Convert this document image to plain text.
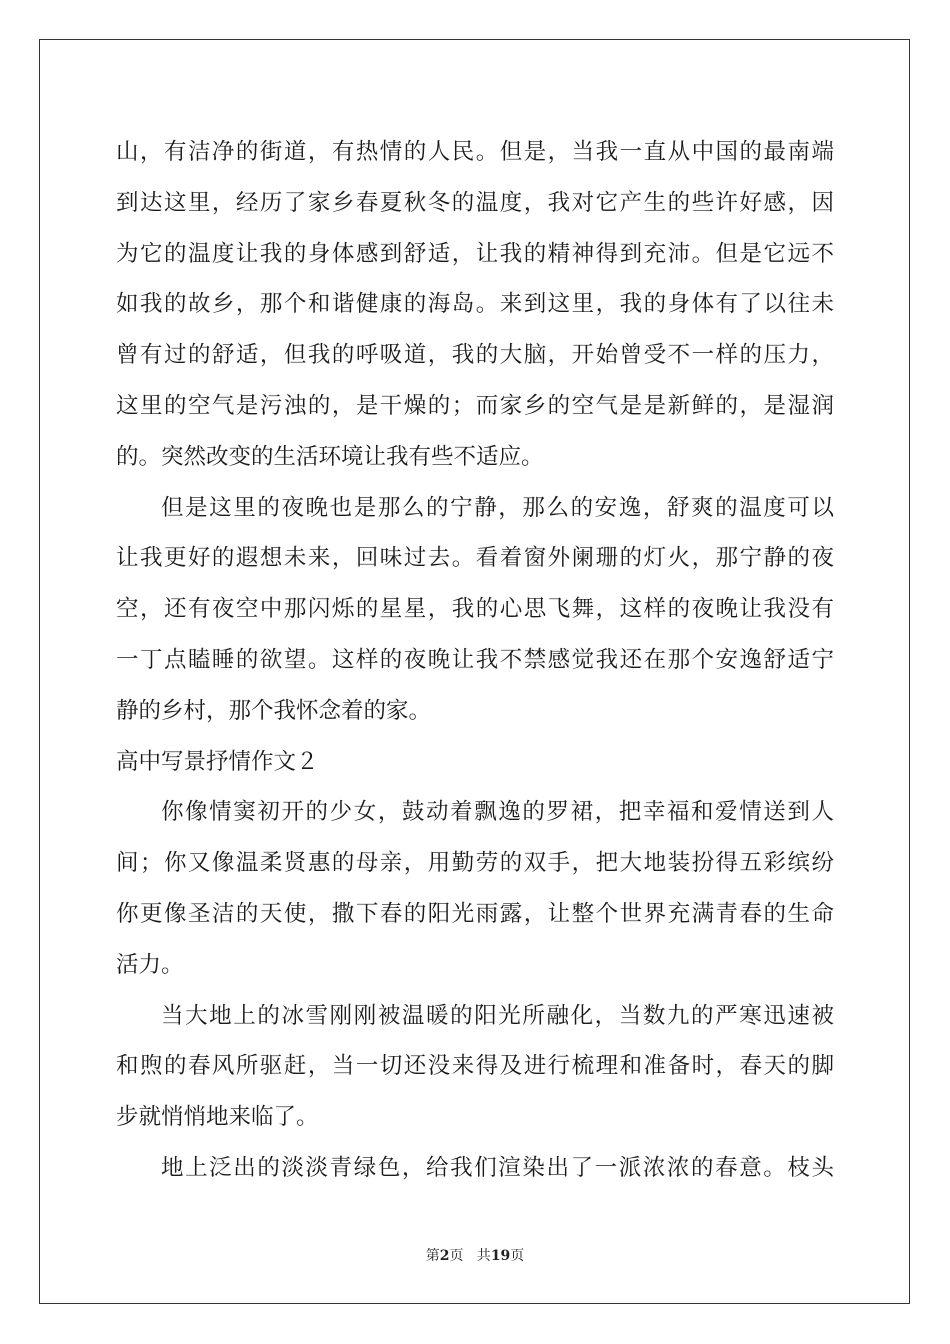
山，有洁净的街道，有热情的人民。但是，当我一直从中国的最南端
到达这里，经历了家乡春夏秋冬的温度，我对它产生的些许好感，因
为它的温度让我的身体感到舒适，让我的精神得到充沛。但是它远不
如我的故乡，那个和谐健康的海岛。来到这里，我的身体有了以往未
曾有过的舒适，但我的呼吸道，我的大脑，开始曾受不一样的压力，
这里的空气是污浊的，是干燥的；而家乡的空气是是新鲜的，是湿润
的。突然改变的生活环境让我有些不适应。
但是这里的夜晚也是那么的宁静，那么的安逸，舒爽的温度可以
让我更好的遐想未来，回味过去。看着窗外阑珊的灯火，那宁静的夜
空，还有夜空中那闪烁的星星，我的心思飞舞，这样的夜晚让我没有
一丁点瞌睡的欲望。这样的夜晚让我不禁感觉我还在那个安逸舒适宁
静的乡村，那个我怀念着的家。
高中写景抒情作文２
你像情窦初开的少女，鼓动着飘逸的罗裙，把幸福和爱情送到人
间；你又像温柔贤惠的母亲，用勤劳的双手，把大地装扮得五彩缤纷
你更像圣洁的天使，撒下春的阳光雨露，让整个世界充满青春的生命
活力。
当大地上的冰雪刚刚被温暖的阳光所融化，当数九的严寒迅速被
和煦的春风所驱赶，当一切还没来得及进行梳理和准备时，春天的脚
步就悄悄地来临了。
地上泛出的淡淡青绿色，给我们渲染出了一派浓浓的春意。枝头
第2页   共19页
